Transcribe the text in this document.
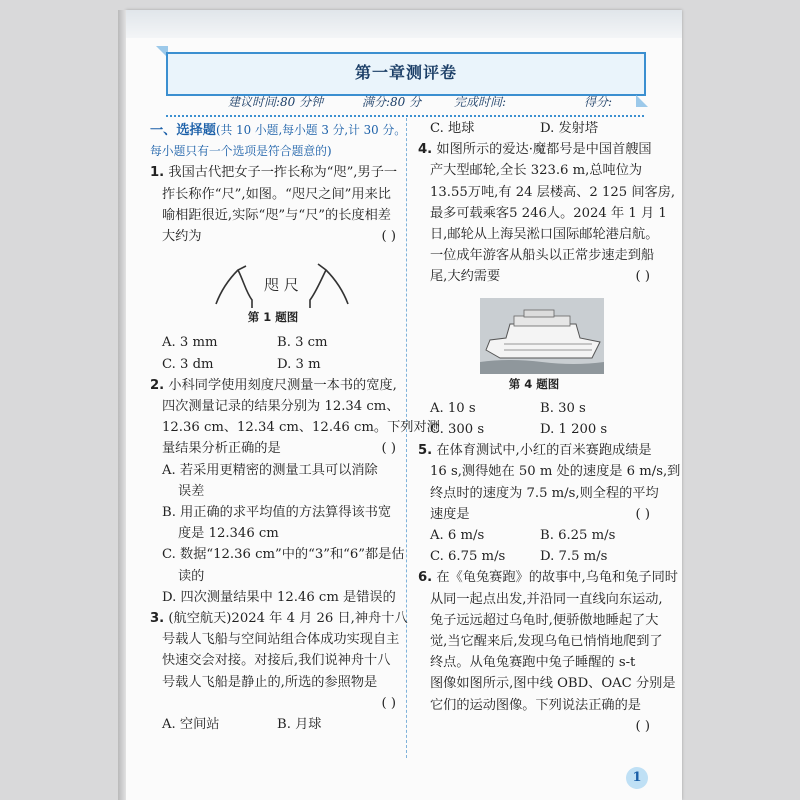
第一章测评卷
建议时间:80 分钟	满分:80 分	完成时间:	得分:
一、选择题(共 10 小题,每小题 3 分,计 30 分。
每小题只有一个选项是符合题意的)
1. 我国古代把女子一拃长称为“咫”,男子一
拃长称作“尺”,如图。“咫尺之间”用来比
喻相距很近,实际“咫”与“尺”的长度相差
大约为	( )
第 1 题图
A. 3 mm	B. 3 cm
C. 3 dm	D. 3 m
2. 小科同学使用刻度尺测量一本书的宽度,
四次测量记录的结果分别为 12.34 cm、
12.36 cm、12.34 cm、12.46 cm。下列对测
量结果分析正确的是	( )
A. 若采用更精密的测量工具可以消除
误差
B. 用正确的求平均值的方法算得该书宽
度是 12.346 cm
C. 数据“12.36 cm”中的“3”和“6”都是估
读的
D. 四次测量结果中 12.46 cm 是错误的
3. (航空航天)2024 年 4 月 26 日,神舟十八
号载人飞船与空间站组合体成功实现自主
快速交会对接。对接后,我们说神舟十八
号载人飞船是静止的,所选的参照物是
( )
A. 空间站	B. 月球
咫 尺
C. 地球	D. 发射塔
4. 如图所示的爱达·魔都号是中国首艘国
产大型邮轮,全长 323.6 m,总吨位为
13.55万吨,有 24 层楼高、2 125 间客房,
最多可载乘客5 246人。2024 年 1 月 1
日,邮轮从上海吴淞口国际邮轮港启航。
一位成年游客从船头以正常步速走到船
尾,大约需要	( )
第 4 题图
A. 10 s	B. 30 s
C. 300 s	D. 1 200 s
5. 在体育测试中,小红的百米赛跑成绩是
16 s,测得她在 50 m 处的速度是 6 m/s,到
终点时的速度为 7.5 m/s,则全程的平均
速度是	( )
A. 6 m/s	B. 6.25 m/s
C. 6.75 m/s	D. 7.5 m/s
6. 在《龟兔赛跑》的故事中,乌龟和兔子同时
从同一起点出发,并沿同一直线向东运动,
兔子远远超过乌龟时,便骄傲地睡起了大
觉,当它醒来后,发现乌龟已悄悄地爬到了
终点。从龟兔赛跑中兔子睡醒的 s-t
图像如图所示,图中线 OBD、OAC 分别是
它们的运动图像。下列说法正确的是
( )
1
